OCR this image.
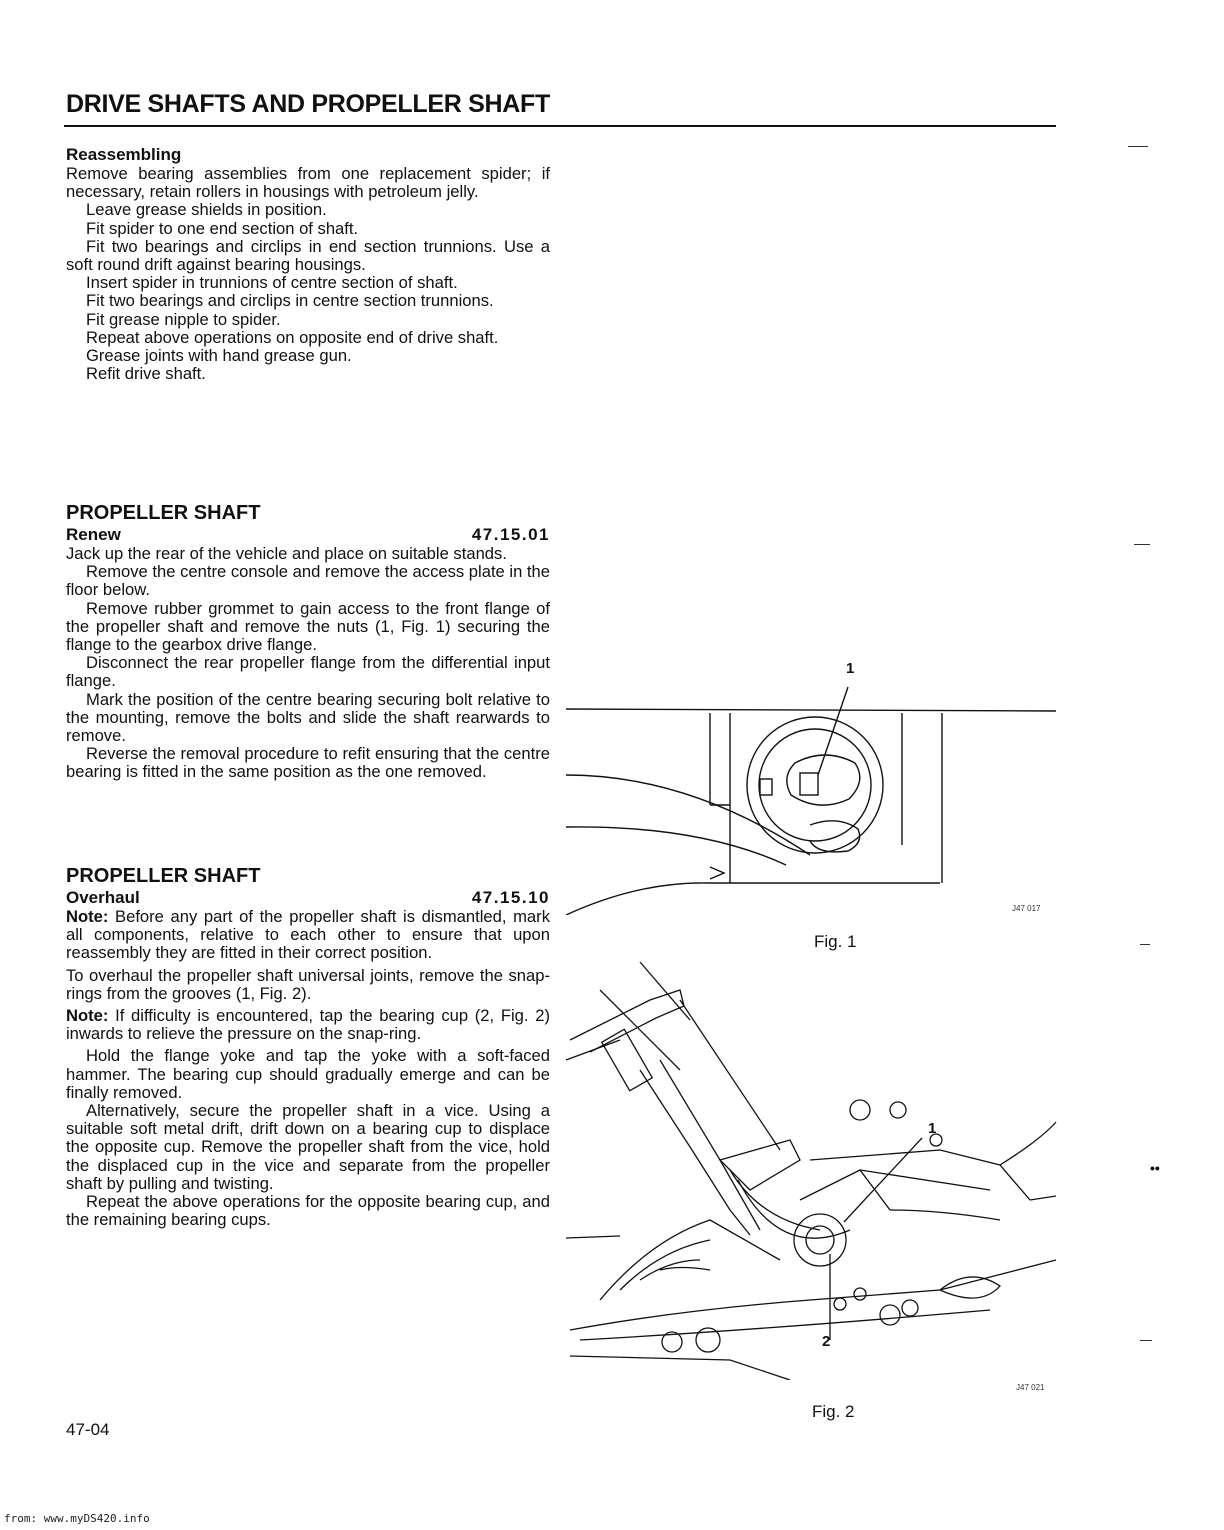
DRIVE SHAFTS AND PROPELLER SHAFT
Reassembling

Remove bearing assemblies from one replacement spider; if necessary, retain rollers in housings with petroleum jelly.

Leave grease shields in position.

Fit spider to one end section of shaft.

Fit two bearings and circlips in end section trunnions. Use a soft round drift against bearing housings.

Insert spider in trunnions of centre section of shaft.

Fit two bearings and circlips in centre section trunnions.

Fit grease nipple to spider.

Repeat above operations on opposite end of drive shaft.

Grease joints with hand grease gun.

Refit drive shaft.

PROPELLER SHAFT
Renew	47.15.01

Jack up the rear of the vehicle and place on suitable stands.

Remove the centre console and remove the access plate in the floor below.

Remove rubber grommet to gain access to the front flange of the propeller shaft and remove the nuts (1, Fig. 1) securing the flange to the gearbox drive flange.

Disconnect the rear propeller flange from the differential input flange.

Mark the position of the centre bearing securing bolt relative to the mounting, remove the bolts and slide the shaft rearwards to remove.

Reverse the removal procedure to refit ensuring that the centre bearing is fitted in the same position as the one removed.

PROPELLER SHAFT
Overhaul	47.15.10

Note: Before any part of the propeller shaft is dismantled, mark all components, relative to each other to ensure that upon reassembly they are fitted in their correct position.

To overhaul the propeller shaft universal joints, remove the snap-rings from the grooves (1, Fig. 2).

Note: If difficulty is encountered, tap the bearing cup (2, Fig. 2) inwards to relieve the pressure on the snap-ring.

Hold the flange yoke and tap the yoke with a soft-faced hammer. The bearing cup should gradually emerge and can be finally removed.

Alternatively, secure the propeller shaft in a vice. Using a suitable soft metal drift, drift down on a bearing cup to displace the opposite cup. Remove the propeller shaft from the vice, hold the displaced cup in the vice and separate from the propeller shaft by pulling and twisting.

Repeat the above operations for the opposite bearing cup, and the remaining bearing cups.

1
J47 017
Fig. 1
1
2
J47 021
Fig. 2
••
47-04
from: www.myDS420.info
